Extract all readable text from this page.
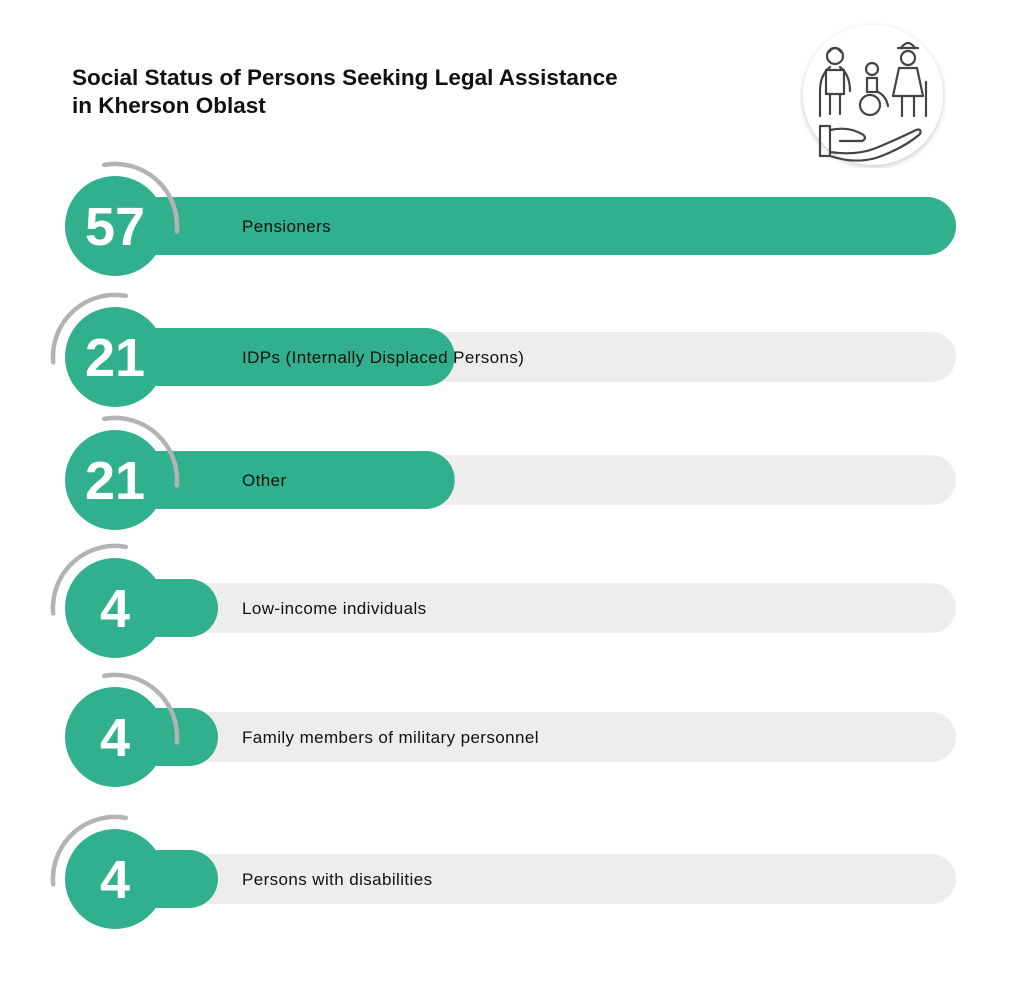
Social Status of Persons Seeking Legal Assistance
in Kherson Oblast
57	Pensioners
21	IDPs (Internally Displaced Persons)
21	Other
4	Low-income individuals
4	Family members of military personnel
4	Persons with disabilities
